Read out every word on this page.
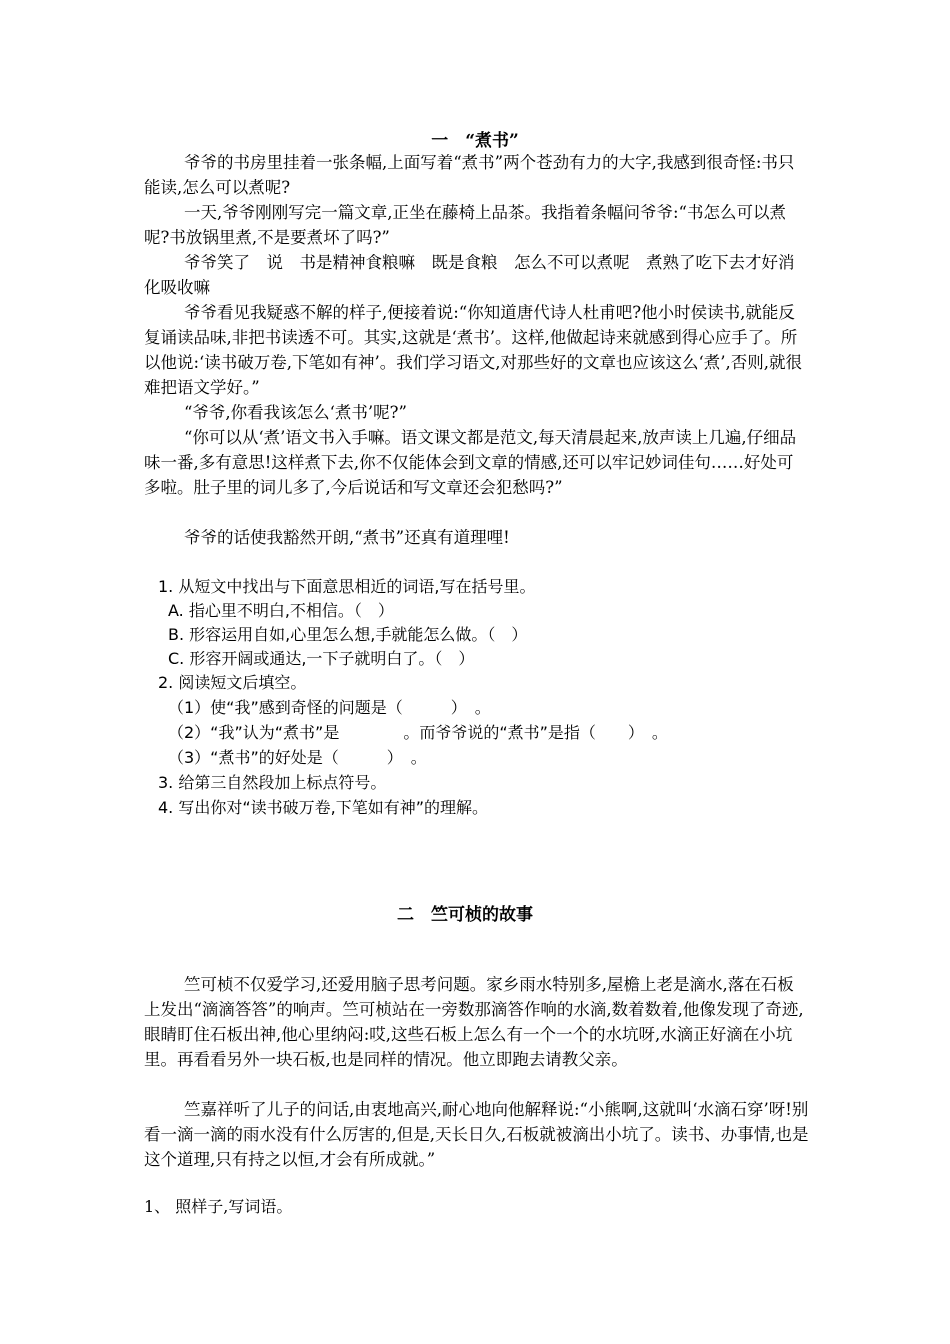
一　“煮书”

爷爷的书房里挂着一张条幅,上面写着“煮书”两个苍劲有力的大字,我感到很奇怪:书只能读,怎么可以煮呢?

一天,爷爷刚刚写完一篇文章,正坐在藤椅上品茶。我指着条幅问爷爷:“书怎么可以煮呢?书放锅里煮,不是要煮坏了吗?”

爷爷笑了　说　书是精神食粮嘛　既是食粮　怎么不可以煮呢　煮熟了吃下去才好消化吸收嘛

爷爷看见我疑惑不解的样子,便接着说:“你知道唐代诗人杜甫吧?他小时侯读书,就能反复诵读品味,非把书读透不可。其实,这就是‘煮书’。这样,他做起诗来就感到得心应手了。所以他说:‘读书破万卷,下笔如有神’。我们学习语文,对那些好的文章也应该这么‘煮’,否则,就很难把语文学好。”

“爷爷,你看我该怎么‘煮书’呢?”

“你可以从‘煮’语文书入手嘛。语文课文都是范文,每天清晨起来,放声读上几遍,仔细品味一番,多有意思!这样煮下去,你不仅能体会到文章的情感,还可以牢记妙词佳句……好处可多啦。肚子里的词儿多了,今后说话和写文章还会犯愁吗?”

爷爷的话使我豁然开朗,“煮书”还真有道理哩!

1. 从短文中找出与下面意思相近的词语,写在括号里。
A. 指心里不明白,不相信。（　）
B. 形容运用自如,心里怎么想,手就能怎么做。（　）
C. 形容开阔或通达,一下子就明白了。（　）
2. 阅读短文后填空。
（1）使“我”感到奇怪的问题是（　　　）　。
（2）“我”认为“煮书”是　　　　。而爷爷说的“煮书”是指（　　）　。
（3）“煮书”的好处是（　　　）　。
3. 给第三自然段加上标点符号。
4. 写出你对“读书破万卷,下笔如有神”的理解。
二　竺可桢的故事

竺可桢不仅爱学习,还爱用脑子思考问题。家乡雨水特别多,屋檐上老是滴水,落在石板上发出“滴滴答答”的响声。竺可桢站在一旁数那滴答作响的水滴,数着数着,他像发现了奇迹,眼睛盯住石板出神,他心里纳闷:哎,这些石板上怎么有一个一个的水坑呀,水滴正好滴在小坑里。再看看另外一块石板,也是同样的情况。他立即跑去请教父亲。

竺嘉祥听了儿子的问话,由衷地高兴,耐心地向他解释说:“小熊啊,这就叫‘水滴石穿’呀!别看一滴一滴的雨水没有什么厉害的,但是,天长日久,石板就被滴出小坑了。读书、办事情,也是这个道理,只有持之以恒,才会有所成就。”

1、 照样子,写词语。
